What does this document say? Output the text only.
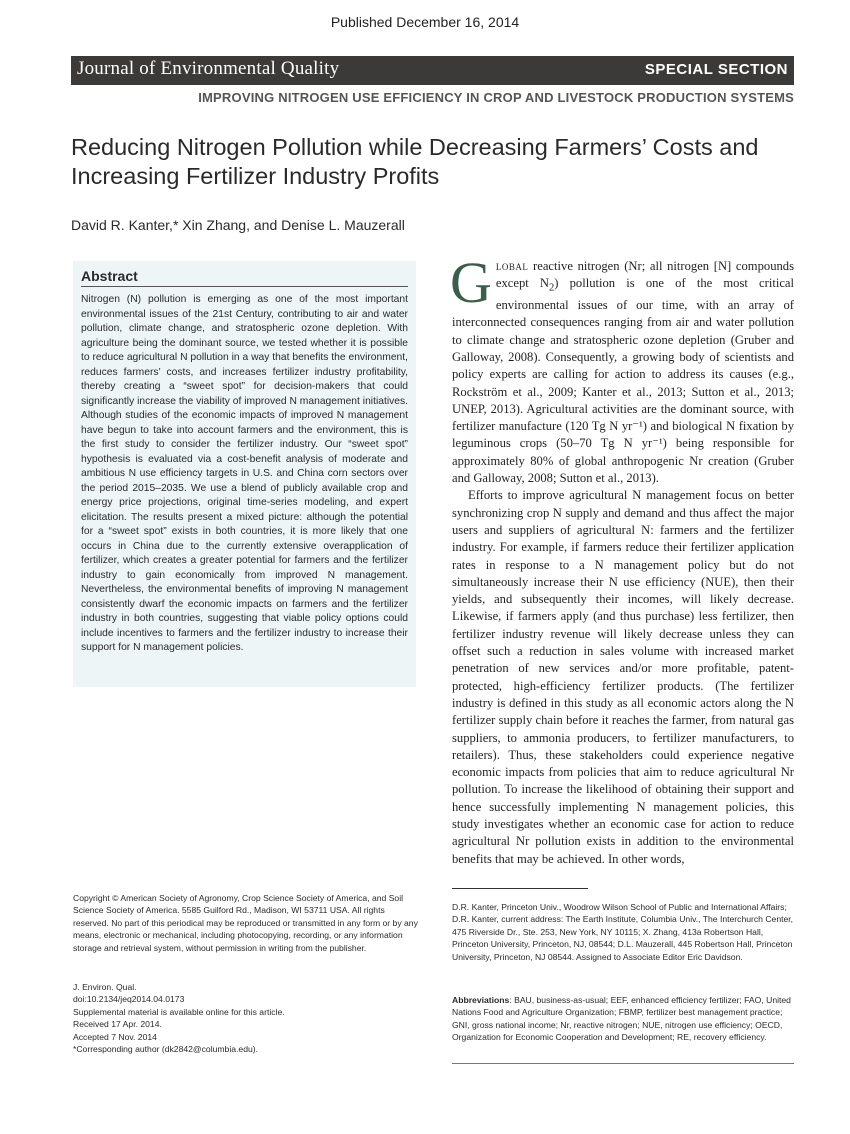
Published December 16, 2014
Journal of Environmental Quality	SPECIAL SECTION
IMPROVING NITROGEN USE EFFICIENCY IN CROP AND LIVESTOCK PRODUCTION SYSTEMS
Reducing Nitrogen Pollution while Decreasing Farmers’ Costs and Increasing Fertilizer Industry Profits
David R. Kanter,* Xin Zhang, and Denise L. Mauzerall
Abstract
Nitrogen (N) pollution is emerging as one of the most important environmental issues of the 21st Century, contributing to air and water pollution, climate change, and stratospheric ozone depletion. With agriculture being the dominant source, we tested whether it is possible to reduce agricultural N pollution in a way that benefits the environment, reduces farmers’ costs, and increases fertilizer industry profitability, thereby creating a “sweet spot” for decision-makers that could significantly increase the viability of improved N management initiatives. Although studies of the economic impacts of improved N management have begun to take into account farmers and the environment, this is the first study to consider the fertilizer industry. Our “sweet spot” hypothesis is evaluated via a cost-benefit analysis of moderate and ambitious N use efficiency targets in U.S. and China corn sectors over the period 2015–2035. We use a blend of publicly available crop and energy price projections, original time-series modeling, and expert elicitation. The results present a mixed picture: although the potential for a “sweet spot” exists in both countries, it is more likely that one occurs in China due to the currently extensive overapplication of fertilizer, which creates a greater potential for farmers and the fertilizer industry to gain economically from improved N management. Nevertheless, the environmental benefits of improving N management consistently dwarf the economic impacts on farmers and the fertilizer industry in both countries, suggesting that viable policy options could include incentives to farmers and the fertilizer industry to increase their support for N management policies.

Global reactive nitrogen (Nr; all nitrogen [N] compounds except $N_2$) pollution is one of the most critical environmental issues of our time, with an array of interconnected consequences ranging from air and water pollution to climate change and stratospheric ozone depletion (Gruber and Galloway, 2008). Consequently, a growing body of scientists and policy experts are calling for action to address its causes (e.g., Rockström et al., 2009; Kanter et al., 2013; Sutton et al., 2013; UNEP, 2013). Agricultural activities are the dominant source, with fertilizer manufacture (120 Tg N yr⁻¹) and biological N fixation by leguminous crops (50–70 Tg N yr⁻¹) being responsible for approximately 80% of global anthropogenic Nr creation (Gruber and Galloway, 2008; Sutton et al., 2013).

Efforts to improve agricultural N management focus on better synchronizing crop N supply and demand and thus affect the major users and suppliers of agricultural N: farmers and the fertilizer industry. For example, if farmers reduce their fertilizer application rates in response to a N management policy but do not simultaneously increase their N use efficiency (NUE), then their yields, and subsequently their incomes, will likely decrease. Likewise, if farmers apply (and thus purchase) less fertilizer, then fertilizer industry revenue will likely decrease unless they can offset such a reduction in sales volume with increased market penetration of new services and/or more profitable, patent-protected, high-efficiency fertilizer products. (The fertilizer industry is defined in this study as all economic actors along the N fertilizer supply chain before it reaches the farmer, from natural gas suppliers, to ammonia producers, to fertilizer manufacturers, to retailers). Thus, these stakeholders could experience negative economic impacts from policies that aim to reduce agricultural Nr pollution. To increase the likelihood of obtaining their support and hence successfully implementing N management policies, this study investigates whether an economic case for action to reduce agricultural Nr pollution exists in addition to the environmental benefits that may be achieved. In other words,

Copyright © American Society of Agronomy, Crop Science Society of America, and Soil Science Society of America. 5585 Guilford Rd., Madison, WI 53711 USA. All rights reserved. No part of this periodical may be reproduced or transmitted in any form or by any means, electronic or mechanical, including photocopying, recording, or any information storage and retrieval system, without permission in writing from the publisher.
J. Environ. Qual.
doi:10.2134/jeq2014.04.0173
Supplemental material is available online for this article.
Received 17 Apr. 2014.
Accepted 7 Nov. 2014
*Corresponding author (dk2842@columbia.edu).
D.R. Kanter, Princeton Univ., Woodrow Wilson School of Public and International Affairs; D.R. Kanter, current address: The Earth Institute, Columbia Univ., The Interchurch Center, 475 Riverside Dr., Ste. 253, New York, NY 10115; X. Zhang, 413a Robertson Hall, Princeton University, Princeton, NJ, 08544; D.L. Mauzerall, 445 Robertson Hall, Princeton University, Princeton, NJ 08544. Assigned to Associate Editor Eric Davidson.
Abbreviations: BAU, business-as-usual; EEF, enhanced efficiency fertilizer; FAO, United Nations Food and Agriculture Organization; FBMP, fertilizer best management practice; GNI, gross national income; Nr, reactive nitrogen; NUE, nitrogen use efficiency; OECD, Organization for Economic Cooperation and Development; RE, recovery efficiency.
